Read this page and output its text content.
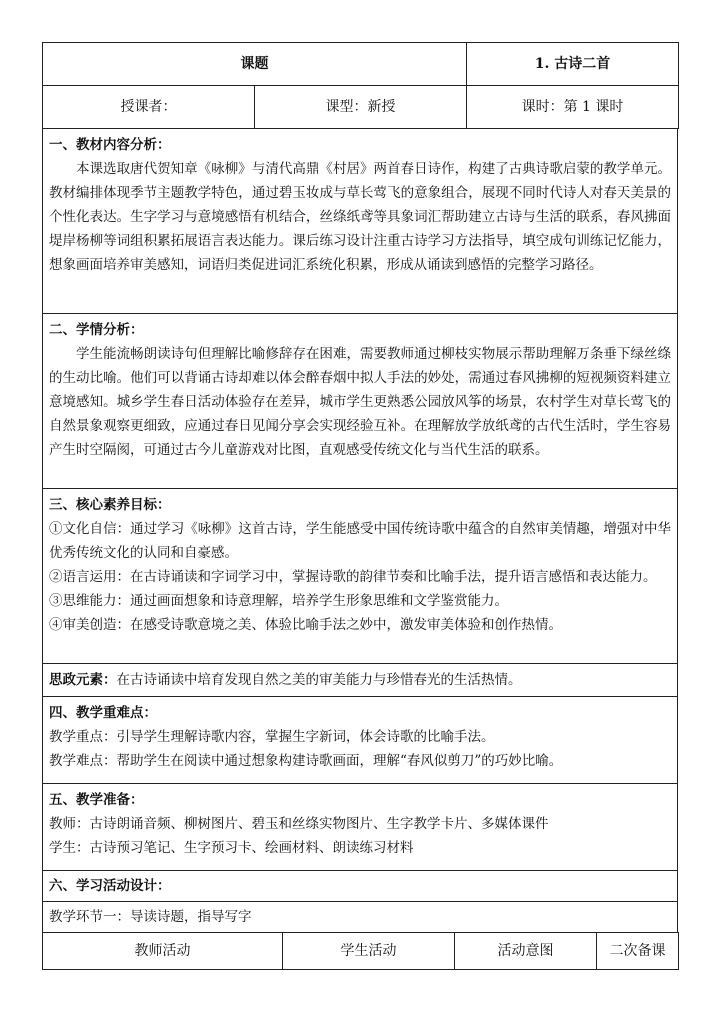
课题	1. 古诗二首
授课者：	课型：新授	课时：第 1 课时
一、教材内容分析：

本课选取唐代贺知章《咏柳》与清代高鼎《村居》两首春日诗作，构建了古典诗歌启蒙的教学单元。教材编排体现季节主题教学特色，通过碧玉妆成与草长莺飞的意象组合，展现不同时代诗人对春天美景的个性化表达。生字学习与意境感悟有机结合，丝绦纸鸢等具象词汇帮助建立古诗与生活的联系，春风拂面堤岸杨柳等词组积累拓展语言表达能力。课后练习设计注重古诗学习方法指导，填空成句训练记忆能力，想象画面培养审美感知，词语归类促进词汇系统化积累，形成从诵读到感悟的完整学习路径。

二、学情分析：

学生能流畅朗读诗句但理解比喻修辞存在困难，需要教师通过柳枝实物展示帮助理解万条垂下绿丝绦的生动比喻。他们可以背诵古诗却难以体会醉春烟中拟人手法的妙处，需通过春风拂柳的短视频资料建立意境感知。城乡学生春日活动体验存在差异，城市学生更熟悉公园放风筝的场景，农村学生对草长莺飞的自然景象观察更细致，应通过春日见闻分享会实现经验互补。在理解放学放纸鸢的古代生活时，学生容易产生时空隔阂，可通过古今儿童游戏对比图，直观感受传统文化与当代生活的联系。

三、核心素养目标：

①文化自信：通过学习《咏柳》这首古诗，学生能感受中国传统诗歌中蕴含的自然审美情趣，增强对中华优秀传统文化的认同和自豪感。

②语言运用：在古诗诵读和字词学习中，掌握诗歌的韵律节奏和比喻手法，提升语言感悟和表达能力。

③思维能力：通过画面想象和诗意理解，培养学生形象思维和文学鉴赏能力。

④审美创造：在感受诗歌意境之美、体验比喻手法之妙中，激发审美体验和创作热情。

思政元素：在古诗诵读中培育发现自然之美的审美能力与珍惜春光的生活热情。

四、教学重难点：

教学重点：引导学生理解诗歌内容，掌握生字新词，体会诗歌的比喻手法。

教学难点：帮助学生在阅读中通过想象构建诗歌画面，理解“春风似剪刀”的巧妙比喻。

五、教学准备：

教师：古诗朗诵音频、柳树图片、碧玉和丝绦实物图片、生字教学卡片、多媒体课件

学生：古诗预习笔记、生字预习卡、绘画材料、朗读练习材料

六、学习活动设计：

教学环节一：导读诗题，指导写字
教师活动	学生活动	活动意图	二次备课
